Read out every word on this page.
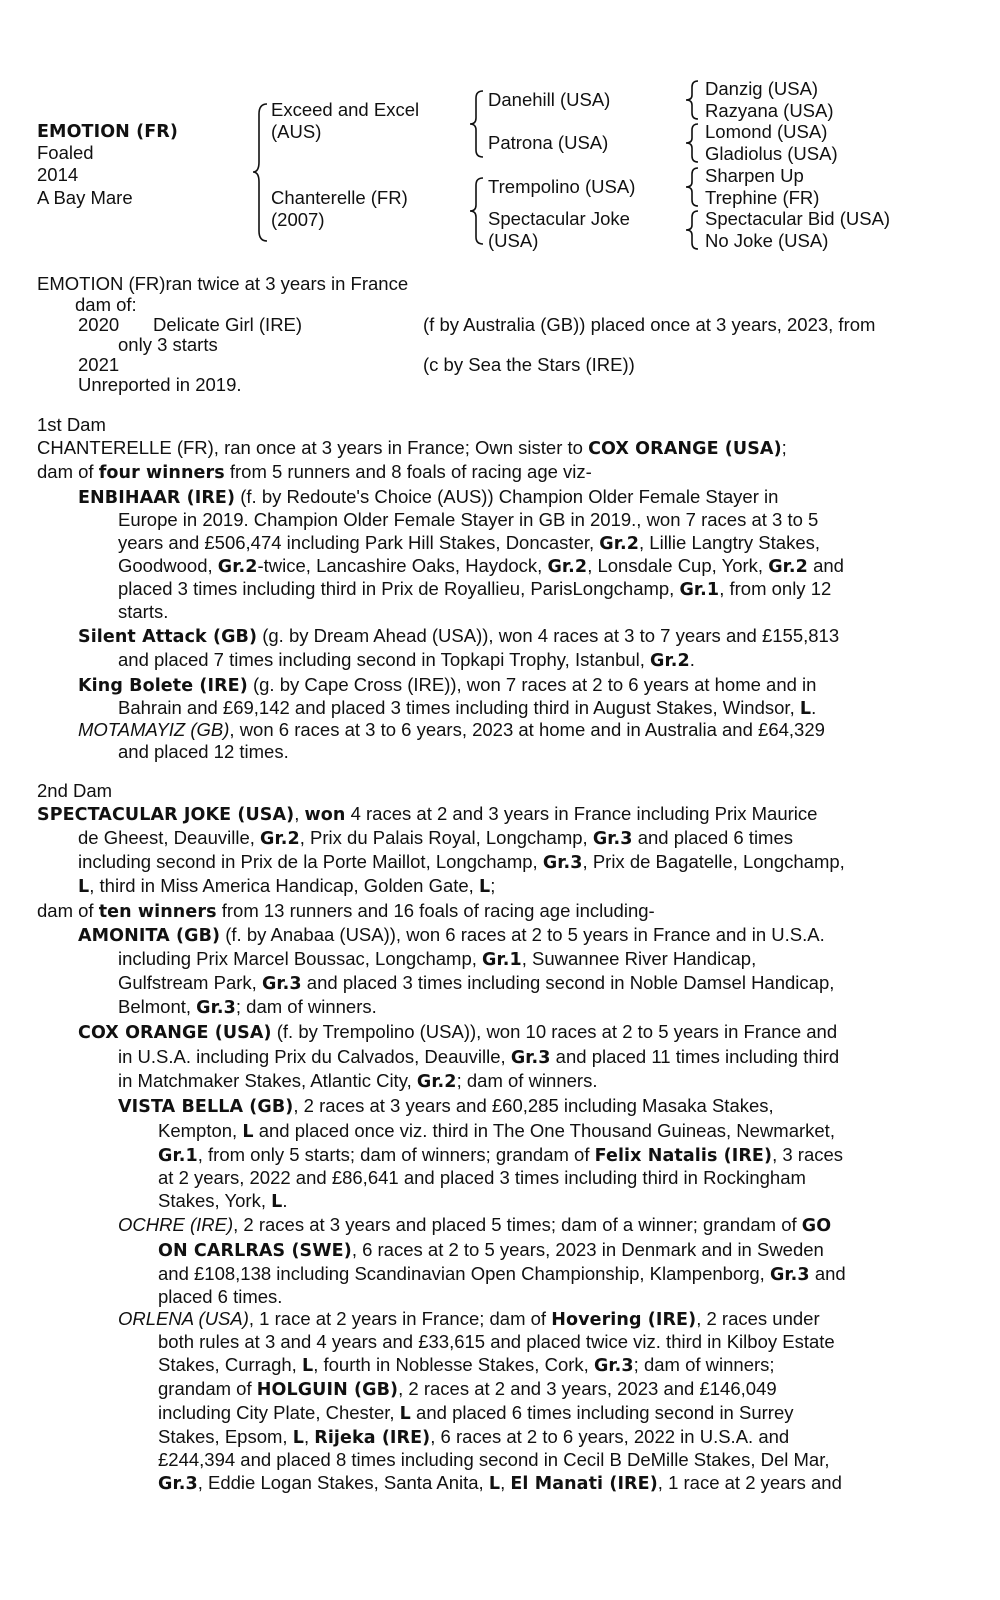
EMOTION (FR)
Foaled
2014
A Bay Mare
Exceed and Excel
(AUS)
Chanterelle (FR)
(2007)
Danehill (USA)
Patrona (USA)
Trempolino (USA)
Spectacular Joke
(USA)
Danzig (USA)
Razyana (USA)
Lomond (USA)
Gladiolus (USA)
Sharpen Up
Trephine (FR)
Spectacular Bid (USA)
No Joke (USA)
EMOTION (FR)ran twice at 3 years in France
dam of:
2020 Delicate Girl (IRE)	(f by Australia (GB)) placed once at 3 years, 2023, from
only 3 starts
2021	(c by Sea the Stars (IRE))
Unreported in 2019.
1st Dam
CHANTERELLE (FR), ran once at 3 years in France; Own sister to COX ORANGE (USA);
dam of four winners from 5 runners and 8 foals of racing age viz-
ENBIHAAR (IRE) (f. by Redoute's Choice (AUS)) Champion Older Female Stayer in
Europe in 2019. Champion Older Female Stayer in GB in 2019., won 7 races at 3 to 5
years and £506,474 including Park Hill Stakes, Doncaster, Gr.2, Lillie Langtry Stakes,
Goodwood, Gr.2-twice, Lancashire Oaks, Haydock, Gr.2, Lonsdale Cup, York, Gr.2 and
placed 3 times including third in Prix de Royallieu, ParisLongchamp, Gr.1, from only 12
starts.
Silent Attack (GB) (g. by Dream Ahead (USA)), won 4 races at 3 to 7 years and £155,813
and placed 7 times including second in Topkapi Trophy, Istanbul, Gr.2.
King Bolete (IRE) (g. by Cape Cross (IRE)), won 7 races at 2 to 6 years at home and in
Bahrain and £69,142 and placed 3 times including third in August Stakes, Windsor, L.
MOTAMAYIZ (GB), won 6 races at 3 to 6 years, 2023 at home and in Australia and £64,329
and placed 12 times.
2nd Dam
SPECTACULAR JOKE (USA), won 4 races at 2 and 3 years in France including Prix Maurice
de Gheest, Deauville, Gr.2, Prix du Palais Royal, Longchamp, Gr.3 and placed 6 times
including second in Prix de la Porte Maillot, Longchamp, Gr.3, Prix de Bagatelle, Longchamp,
L, third in Miss America Handicap, Golden Gate, L;
dam of ten winners from 13 runners and 16 foals of racing age including-
AMONITA (GB) (f. by Anabaa (USA)), won 6 races at 2 to 5 years in France and in U.S.A.
including Prix Marcel Boussac, Longchamp, Gr.1, Suwannee River Handicap,
Gulfstream Park, Gr.3 and placed 3 times including second in Noble Damsel Handicap,
Belmont, Gr.3; dam of winners.
COX ORANGE (USA) (f. by Trempolino (USA)), won 10 races at 2 to 5 years in France and
in U.S.A. including Prix du Calvados, Deauville, Gr.3 and placed 11 times including third
in Matchmaker Stakes, Atlantic City, Gr.2; dam of winners.
VISTA BELLA (GB), 2 races at 3 years and £60,285 including Masaka Stakes,
Kempton, L and placed once viz. third in The One Thousand Guineas, Newmarket,
Gr.1, from only 5 starts; dam of winners; grandam of Felix Natalis (IRE), 3 races
at 2 years, 2022 and £86,641 and placed 3 times including third in Rockingham
Stakes, York, L.
OCHRE (IRE), 2 races at 3 years and placed 5 times; dam of a winner; grandam of GO
ON CARLRAS (SWE), 6 races at 2 to 5 years, 2023 in Denmark and in Sweden
and £108,138 including Scandinavian Open Championship, Klampenborg, Gr.3 and
placed 6 times.
ORLENA (USA), 1 race at 2 years in France; dam of Hovering (IRE), 2 races under
both rules at 3 and 4 years and £33,615 and placed twice viz. third in Kilboy Estate
Stakes, Curragh, L, fourth in Noblesse Stakes, Cork, Gr.3; dam of winners;
grandam of HOLGUIN (GB), 2 races at 2 and 3 years, 2023 and £146,049
including City Plate, Chester, L and placed 6 times including second in Surrey
Stakes, Epsom, L, Rijeka (IRE), 6 races at 2 to 6 years, 2022 in U.S.A. and
£244,394 and placed 8 times including second in Cecil B DeMille Stakes, Del Mar,
Gr.3, Eddie Logan Stakes, Santa Anita, L, El Manati (IRE), 1 race at 2 years and
